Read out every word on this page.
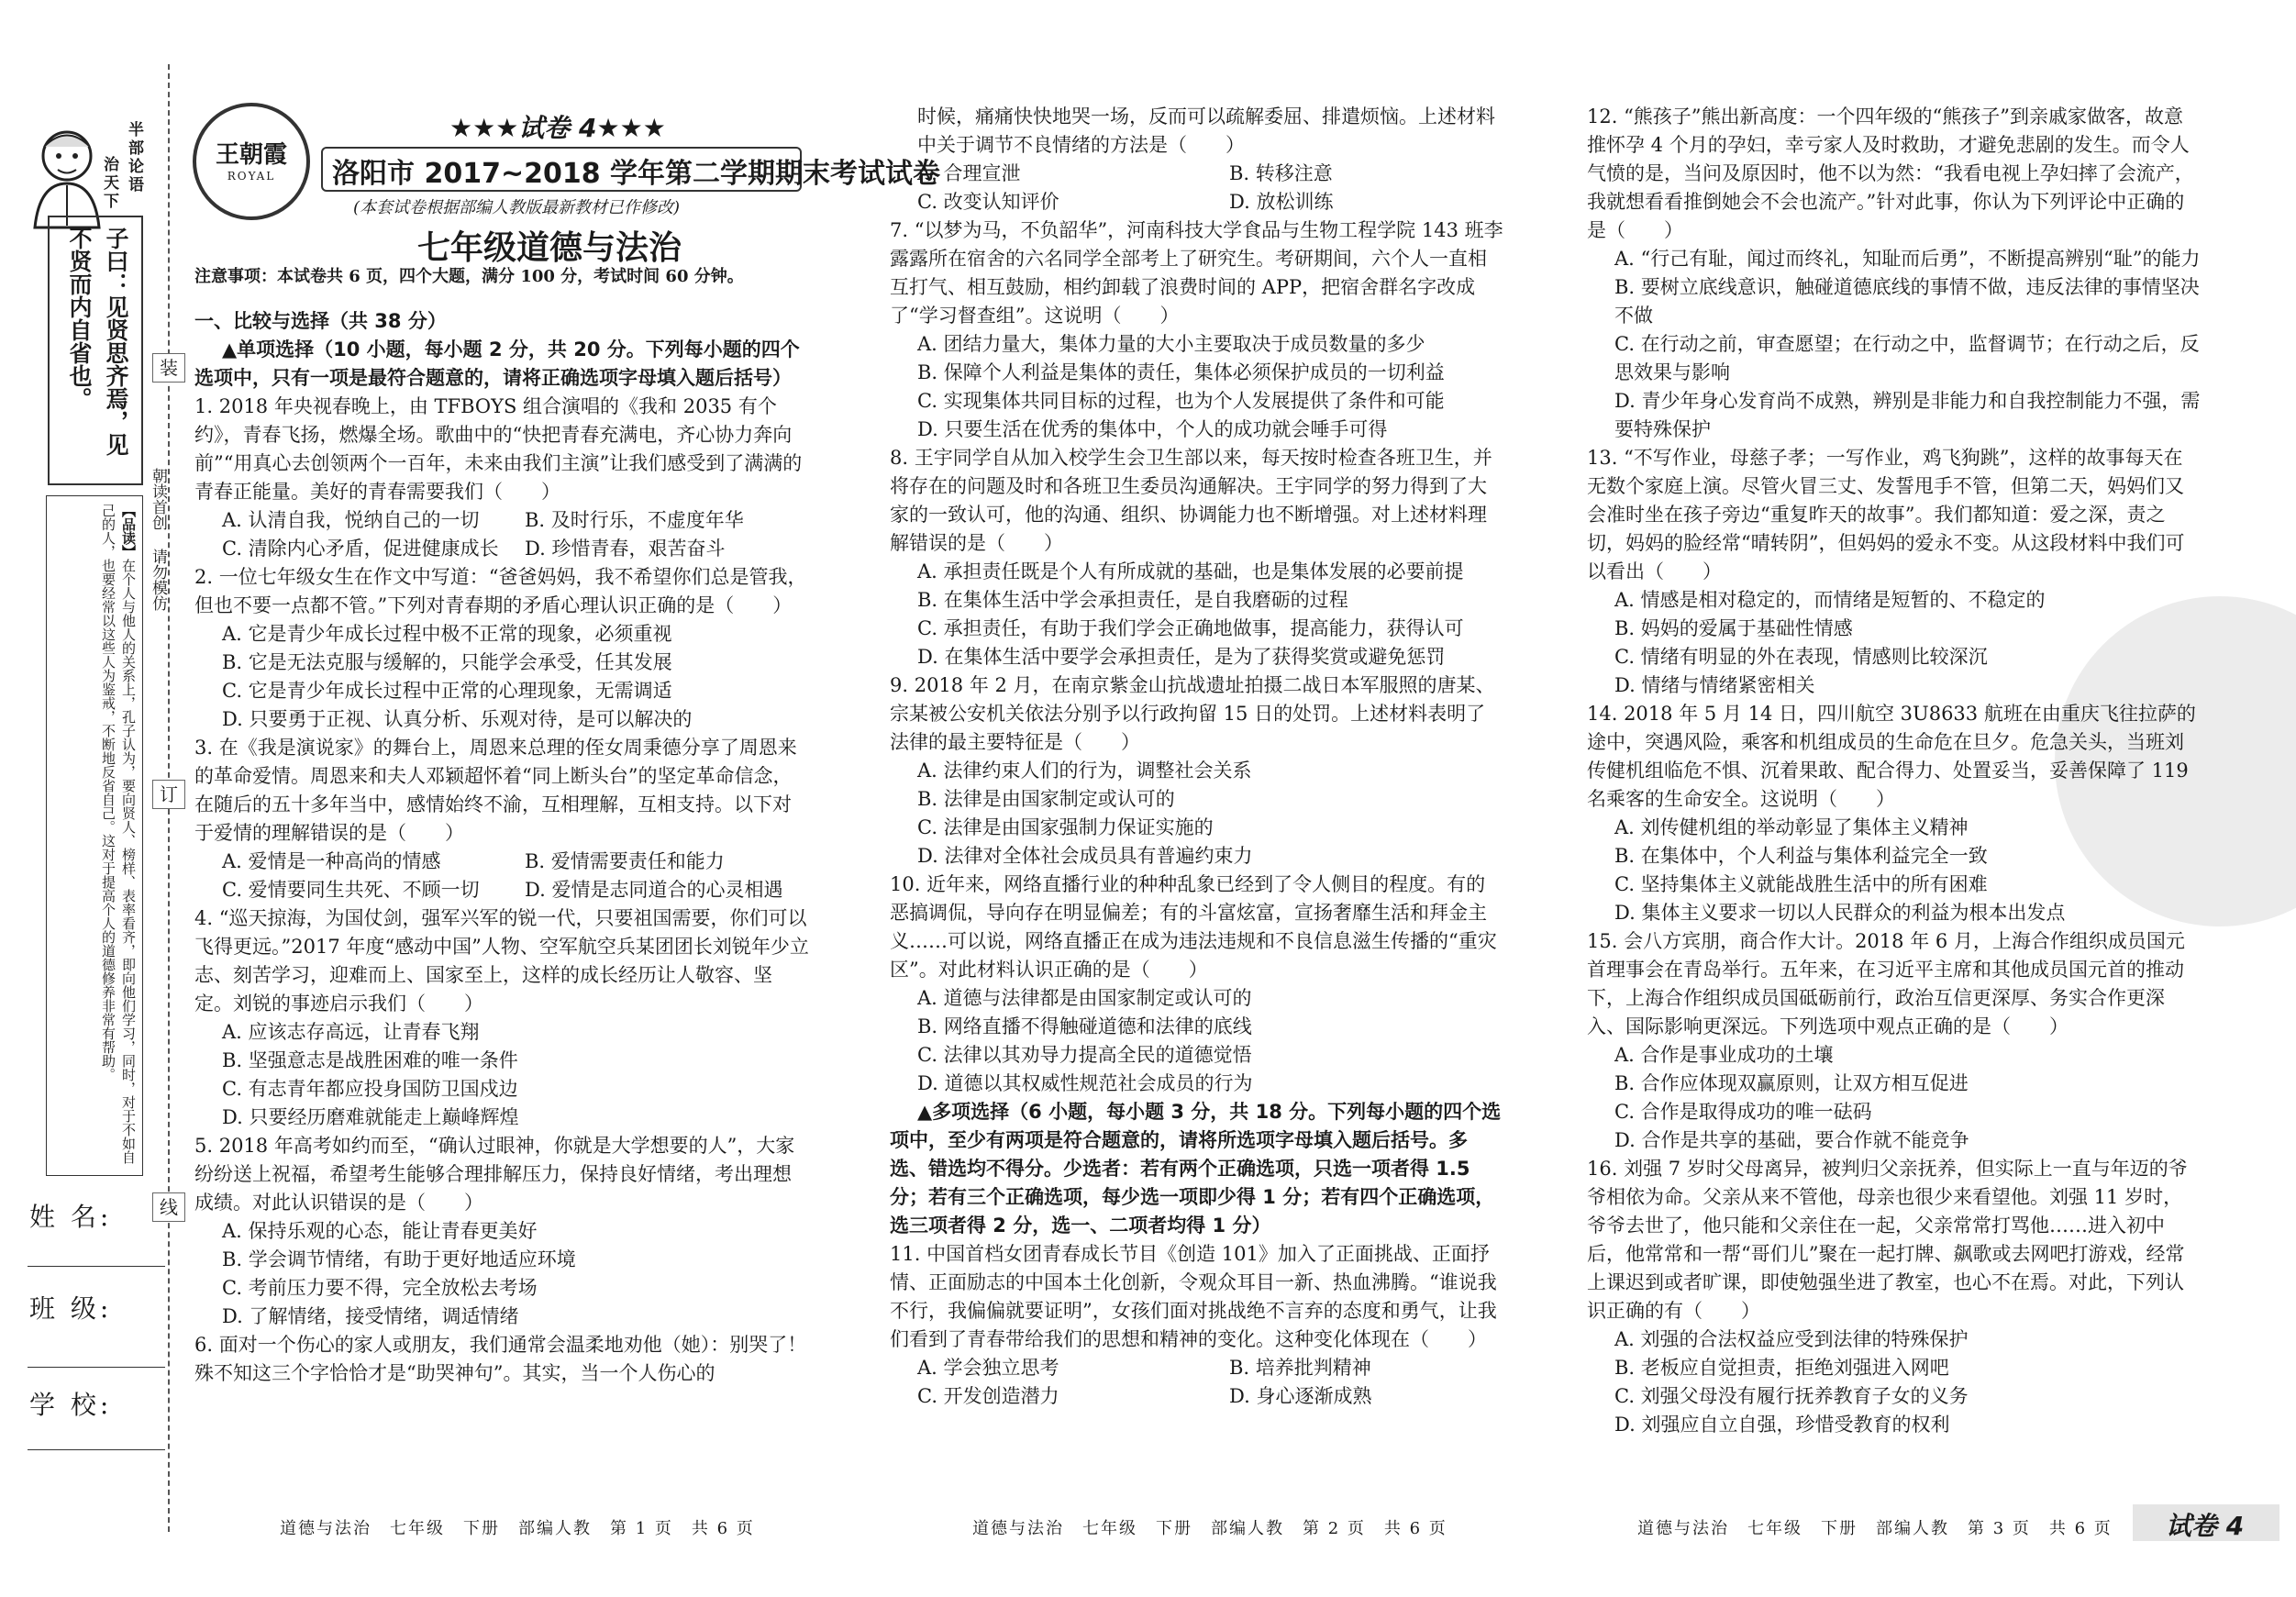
装
订
线
半部论语
治天下
子曰：见贤思齐焉，见不贤而内自省也。
【品读】在个人与他人的关系上，孔子认为，要向贤人、榜样、表率看齐，即向他们学习，同时，对于不如自己的人，也要经常以这些人为鉴戒，不断地反省自己。这对于提高个人的道德修养非常有帮助。	朝读首创 请勿模仿
姓 名:
班 级:
学 校:
王朝霞
ROYAL
★★★试卷 4★★★
洛阳市 2017~2018 学年第二学期期末考试试卷
(本套试卷根据部编人教版最新教材已作修改)
七年级道德与法治
注意事项：本试卷共 6 页，四个大题，满分 100 分，考试时间 60 分钟。

一、比较与选择（共 38 分）

▲单项选择（10 小题，每小题 2 分，共 20 分。下列每小题的四个选项中，只有一项是最符合题意的，请将正确选项字母填入题后括号）

1. 2018 年央视春晚上，由 TFBOYS 组合演唱的《我和 2035 有个约》，青春飞扬，燃爆全场。歌曲中的“快把青春充满电，齐心协力奔向前”“用真心去创领两个一百年，未来由我们主演”让我们感受到了满满的青春正能量。美好的青春需要我们（　　）

A. 认清自我，悦纳自己的一切 B. 及时行乐，不虚度年华

C. 清除内心矛盾，促进健康成长 D. 珍惜青春，艰苦奋斗

2. 一位七年级女生在作文中写道：“爸爸妈妈，我不希望你们总是管我，但也不要一点都不管。”下列对青春期的矛盾心理认识正确的是（　　）

A. 它是青少年成长过程中极不正常的现象，必须重视

B. 它是无法克服与缓解的，只能学会承受，任其发展

C. 它是青少年成长过程中正常的心理现象，无需调适

D. 只要勇于正视、认真分析、乐观对待，是可以解决的

3. 在《我是演说家》的舞台上，周恩来总理的侄女周秉德分享了周恩来的革命爱情。周恩来和夫人邓颖超怀着“同上断头台”的坚定革命信念，在随后的五十多年当中，感情始终不渝，互相理解，互相支持。以下对于爱情的理解错误的是（　　）

A. 爱情是一种高尚的情感	B. 爱情需要责任和能力

C. 爱情要同生共死、不顾一切 D. 爱情是志同道合的心灵相遇

4. “巡天掠海，为国仗剑，强军兴军的锐一代，只要祖国需要，你们可以飞得更远。”2017 年度“感动中国”人物、空军航空兵某团团长刘锐年少立志、刻苦学习，迎难而上、国家至上，这样的成长经历让人敬容、坚定。刘锐的事迹启示我们（　　）

A. 应该志存高远，让青春飞翔

B. 坚强意志是战胜困难的唯一条件

C. 有志青年都应投身国防卫国戍边

D. 只要经历磨难就能走上巅峰辉煌

5. 2018 年高考如约而至，“确认过眼神，你就是大学想要的人”，大家纷纷送上祝福，希望考生能够合理排解压力，保持良好情绪，考出理想成绩。对此认识错误的是（　　）

A. 保持乐观的心态，能让青春更美好

B. 学会调节情绪，有助于更好地适应环境

C. 考前压力要不得，完全放松去考场

D. 了解情绪，接受情绪，调适情绪

6. 面对一个伤心的家人或朋友，我们通常会温柔地劝他（她）：别哭了！殊不知这三个字恰恰才是“助哭神句”。其实，当一个人伤心的

道德与法治　七年级　下册　部编人教　第 1 页　共 6 页

时候，痛痛快快地哭一场，反而可以疏解委屈、排遣烦恼。上述材料中关于调节不良情绪的方法是（　　）

A. 合理宣泄	B. 转移注意

C. 改变认知评价	D. 放松训练

7. “以梦为马，不负韶华”，河南科技大学食品与生物工程学院 143 班李露露所在宿舍的六名同学全部考上了研究生。考研期间，六个人一直相互打气、相互鼓励，相约卸载了浪费时间的 APP，把宿舍群名字改成了“学习督查组”。这说明（　　）

A. 团结力量大，集体力量的大小主要取决于成员数量的多少

B. 保障个人利益是集体的责任，集体必须保护成员的一切利益

C. 实现集体共同目标的过程，也为个人发展提供了条件和可能

D. 只要生活在优秀的集体中，个人的成功就会唾手可得

8. 王宇同学自从加入校学生会卫生部以来，每天按时检查各班卫生，并将存在的问题及时和各班卫生委员沟通解决。王宇同学的努力得到了大家的一致认可，他的沟通、组织、协调能力也不断增强。对上述材料理解错误的是（　　）

A. 承担责任既是个人有所成就的基础，也是集体发展的必要前提

B. 在集体生活中学会承担责任，是自我磨砺的过程

C. 承担责任，有助于我们学会正确地做事，提高能力，获得认可

D. 在集体生活中要学会承担责任，是为了获得奖赏或避免惩罚

9. 2018 年 2 月，在南京紫金山抗战遗址拍摄二战日本军服照的唐某、宗某被公安机关依法分别予以行政拘留 15 日的处罚。上述材料表明了法律的最主要特征是（　　）

A. 法律约束人们的行为，调整社会关系

B. 法律是由国家制定或认可的

C. 法律是由国家强制力保证实施的

D. 法律对全体社会成员具有普遍约束力

10. 近年来，网络直播行业的种种乱象已经到了令人侧目的程度。有的恶搞调侃，导向存在明显偏差；有的斗富炫富，宣扬奢靡生活和拜金主义……可以说，网络直播正在成为违法违规和不良信息滋生传播的“重灾区”。对此材料认识正确的是（　　）

A. 道德与法律都是由国家制定或认可的

B. 网络直播不得触碰道德和法律的底线

C. 法律以其劝导力提高全民的道德觉悟

D. 道德以其权威性规范社会成员的行为

▲多项选择（6 小题，每小题 3 分，共 18 分。下列每小题的四个选项中，至少有两项是符合题意的，请将所选项字母填入题后括号。多选、错选均不得分。少选者：若有两个正确选项，只选一项者得 1.5 分；若有三个正确选项，每少选一项即少得 1 分；若有四个正确选项，选三项者得 2 分，选一、二项者均得 1 分）

11. 中国首档女团青春成长节目《创造 101》加入了正面挑战、正面抒情、正面励志的中国本土化创新，令观众耳目一新、热血沸腾。“谁说我不行，我偏偏就要证明”，女孩们面对挑战绝不言弃的态度和勇气，让我们看到了青春带给我们的思想和精神的变化。这种变化体现在（　　）

A. 学会独立思考	B. 培养批判精神

C. 开发创造潜力	D. 身心逐渐成熟

道德与法治　七年级　下册　部编人教　第 2 页　共 6 页

12. “熊孩子”熊出新高度：一个四年级的“熊孩子”到亲戚家做客，故意推怀孕 4 个月的孕妇，幸亏家人及时救助，才避免悲剧的发生。而令人气愤的是，当问及原因时，他不以为然：“我看电视上孕妇摔了会流产，我就想看看推倒她会不会也流产。”针对此事，你认为下列评论中正确的是（　　）

A. “行己有耻，闻过而终礼，知耻而后勇”，不断提高辨别“耻”的能力

B. 要树立底线意识，触碰道德底线的事情不做，违反法律的事情坚决不做

C. 在行动之前，审查愿望；在行动之中，监督调节；在行动之后，反思效果与影响

D. 青少年身心发育尚不成熟，辨别是非能力和自我控制能力不强，需要特殊保护

13. “不写作业，母慈子孝；一写作业，鸡飞狗跳”，这样的故事每天在无数个家庭上演。尽管火冒三丈、发誓甩手不管，但第二天，妈妈们又会准时坐在孩子旁边“重复昨天的故事”。我们都知道：爱之深，责之切，妈妈的脸经常“晴转阴”，但妈妈的爱永不变。从这段材料中我们可以看出（　　）

A. 情感是相对稳定的，而情绪是短暂的、不稳定的

B. 妈妈的爱属于基础性情感

C. 情绪有明显的外在表现，情感则比较深沉

D. 情绪与情绪紧密相关

14. 2018 年 5 月 14 日，四川航空 3U8633 航班在由重庆飞往拉萨的途中，突遇风险，乘客和机组成员的生命危在旦夕。危急关头，当班刘传健机组临危不惧、沉着果敢、配合得力、处置妥当，妥善保障了 119 名乘客的生命安全。这说明（　　）

A. 刘传健机组的举动彰显了集体主义精神

B. 在集体中，个人利益与集体利益完全一致

C. 坚持集体主义就能战胜生活中的所有困难

D. 集体主义要求一切以人民群众的利益为根本出发点

15. 会八方宾朋，商合作大计。2018 年 6 月，上海合作组织成员国元首理事会在青岛举行。五年来，在习近平主席和其他成员国元首的推动下，上海合作组织成员国砥砺前行，政治互信更深厚、务实合作更深入、国际影响更深远。下列选项中观点正确的是（　　）

A. 合作是事业成功的土壤

B. 合作应体现双赢原则，让双方相互促进

C. 合作是取得成功的唯一砝码

D. 合作是共享的基础，要合作就不能竞争

16. 刘强 7 岁时父母离异，被判归父亲抚养，但实际上一直与年迈的爷爷相依为命。父亲从来不管他，母亲也很少来看望他。刘强 11 岁时，爷爷去世了，他只能和父亲住在一起，父亲常常打骂他……进入初中后，他常常和一帮“哥们儿”聚在一起打牌、飙歌或去网吧打游戏，经常上课迟到或者旷课，即使勉强坐进了教室，也心不在焉。对此，下列认识正确的有（　　）

A. 刘强的合法权益应受到法律的特殊保护

B. 老板应自觉担责，拒绝刘强进入网吧

C. 刘强父母没有履行抚养教育子女的义务

D. 刘强应自立自强，珍惜受教育的权利

道德与法治　七年级　下册　部编人教　第 3 页　共 6 页 试卷 4
